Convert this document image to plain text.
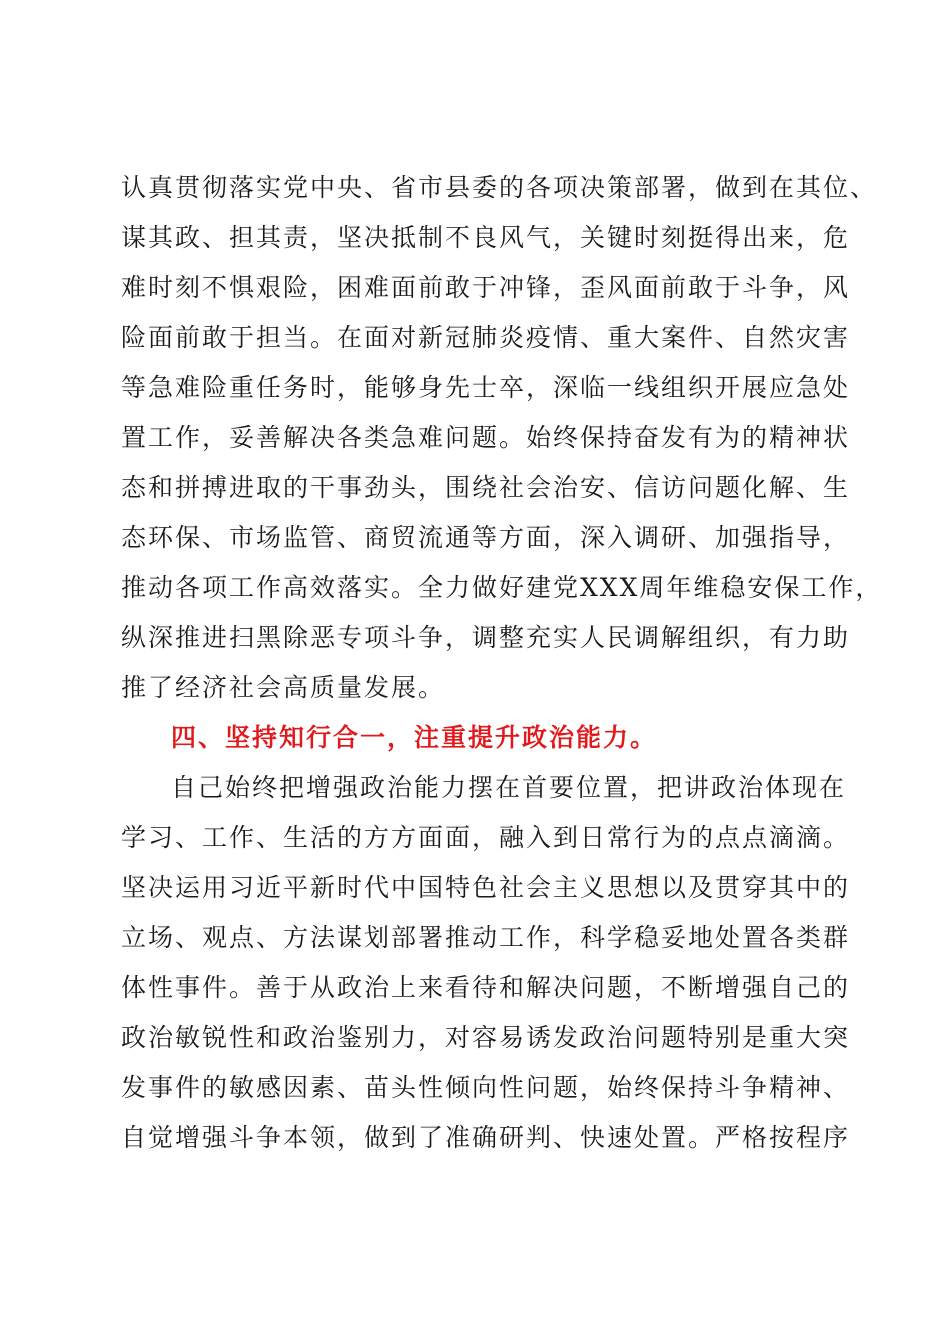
认真贯彻落实党中央、省市县委的各项决策部署，做到在其位、
谋其政、担其责，坚决抵制不良风气，关键时刻挺得出来，危
难时刻不惧艰险，困难面前敢于冲锋，歪风面前敢于斗争，风
险面前敢于担当。在面对新冠肺炎疫情、重大案件、自然灾害
等急难险重任务时，能够身先士卒，深临一线组织开展应急处
置工作，妥善解决各类急难问题。始终保持奋发有为的精神状
态和拼搏进取的干事劲头，围绕社会治安、信访问题化解、生
态环保、市场监管、商贸流通等方面，深入调研、加强指导，
推动各项工作高效落实。全力做好建党XXX周年维稳安保工作，
纵深推进扫黑除恶专项斗争，调整充实人民调解组织，有力助
推了经济社会高质量发展。
四、坚持知行合一，注重提升政治能力。
自己始终把增强政治能力摆在首要位置，把讲政治体现在
学习、工作、生活的方方面面，融入到日常行为的点点滴滴。
坚决运用习近平新时代中国特色社会主义思想以及贯穿其中的
立场、观点、方法谋划部署推动工作，科学稳妥地处置各类群
体性事件。善于从政治上来看待和解决问题，不断增强自己的
政治敏锐性和政治鉴别力，对容易诱发政治问题特别是重大突
发事件的敏感因素、苗头性倾向性问题，始终保持斗争精神、
自觉增强斗争本领，做到了准确研判、快速处置。严格按程序
